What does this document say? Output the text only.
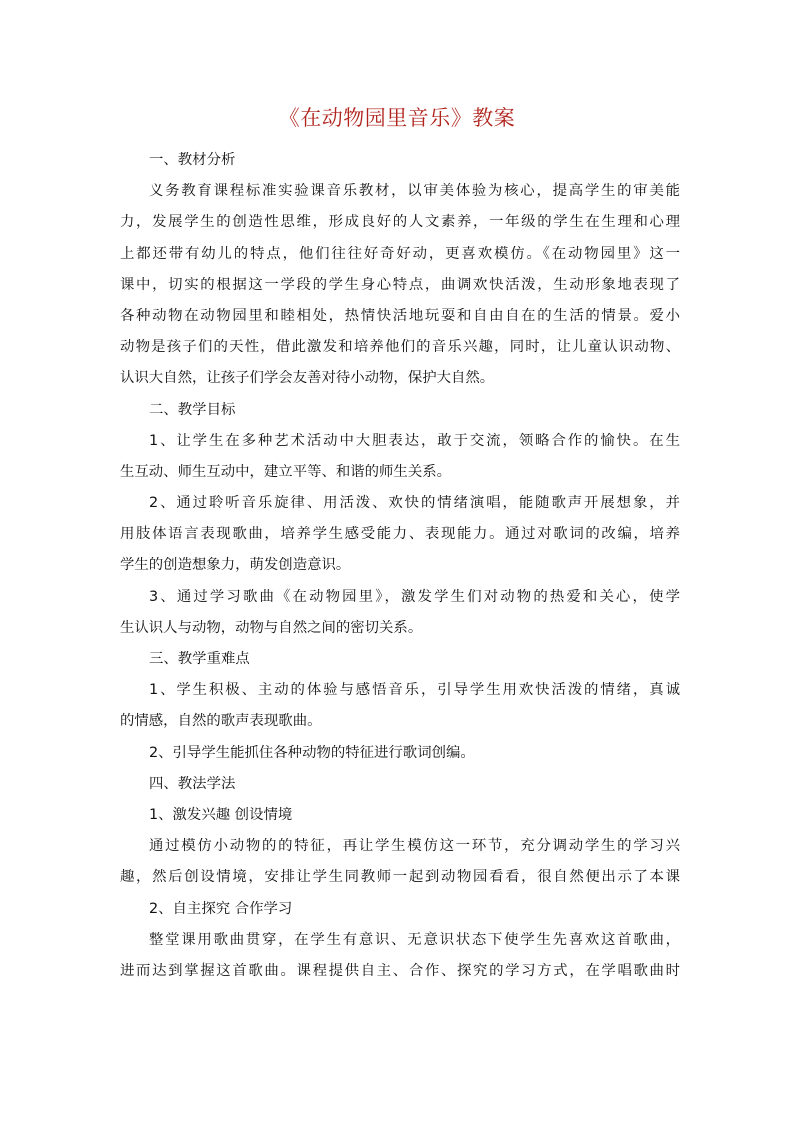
《在动物园里音乐》教案
一、教材分析
义务教育课程标准实验课音乐教材，以审美体验为核心，提高学生的审美能
力，发展学生的创造性思维，形成良好的人文素养，一年级的学生在生理和心理
上都还带有幼儿的特点，他们往往好奇好动，更喜欢模仿。《在动物园里》这一
课中，切实的根据这一学段的学生身心特点，曲调欢快活泼，生动形象地表现了
各种动物在动物园里和睦相处，热情快活地玩耍和自由自在的生活的情景。爱小
动物是孩子们的天性，借此激发和培养他们的音乐兴趣，同时，让儿童认识动物、
认识大自然，让孩子们学会友善对待小动物，保护大自然。
二、教学目标
1、让学生在多种艺术活动中大胆表达，敢于交流，领略合作的愉快。在生
生互动、师生互动中，建立平等、和谐的师生关系。
2、通过聆听音乐旋律、用活泼、欢快的情绪演唱，能随歌声开展想象，并
用肢体语言表现歌曲，培养学生感受能力、表现能力。通过对歌词的改编，培养
学生的创造想象力，萌发创造意识。
3、通过学习歌曲《在动物园里》，激发学生们对动物的热爱和关心，使学
生认识人与动物，动物与自然之间的密切关系。
三、教学重难点
1、学生积极、主动的体验与感悟音乐，引导学生用欢快活泼的情绪，真诚
的情感，自然的歌声表现歌曲。
2、引导学生能抓住各种动物的特征进行歌词创编。
四、教法学法
1、激发兴趣 创设情境
通过模仿小动物的的特征，再让学生模仿这一环节，充分调动学生的学习兴
趣，然后创设情境，安排让学生同教师一起到动物园看看，很自然便出示了本课
2、自主探究 合作学习
整堂课用歌曲贯穿，在学生有意识、无意识状态下使学生先喜欢这首歌曲，
进而达到掌握这首歌曲。课程提供自主、合作、探究的学习方式，在学唱歌曲时
